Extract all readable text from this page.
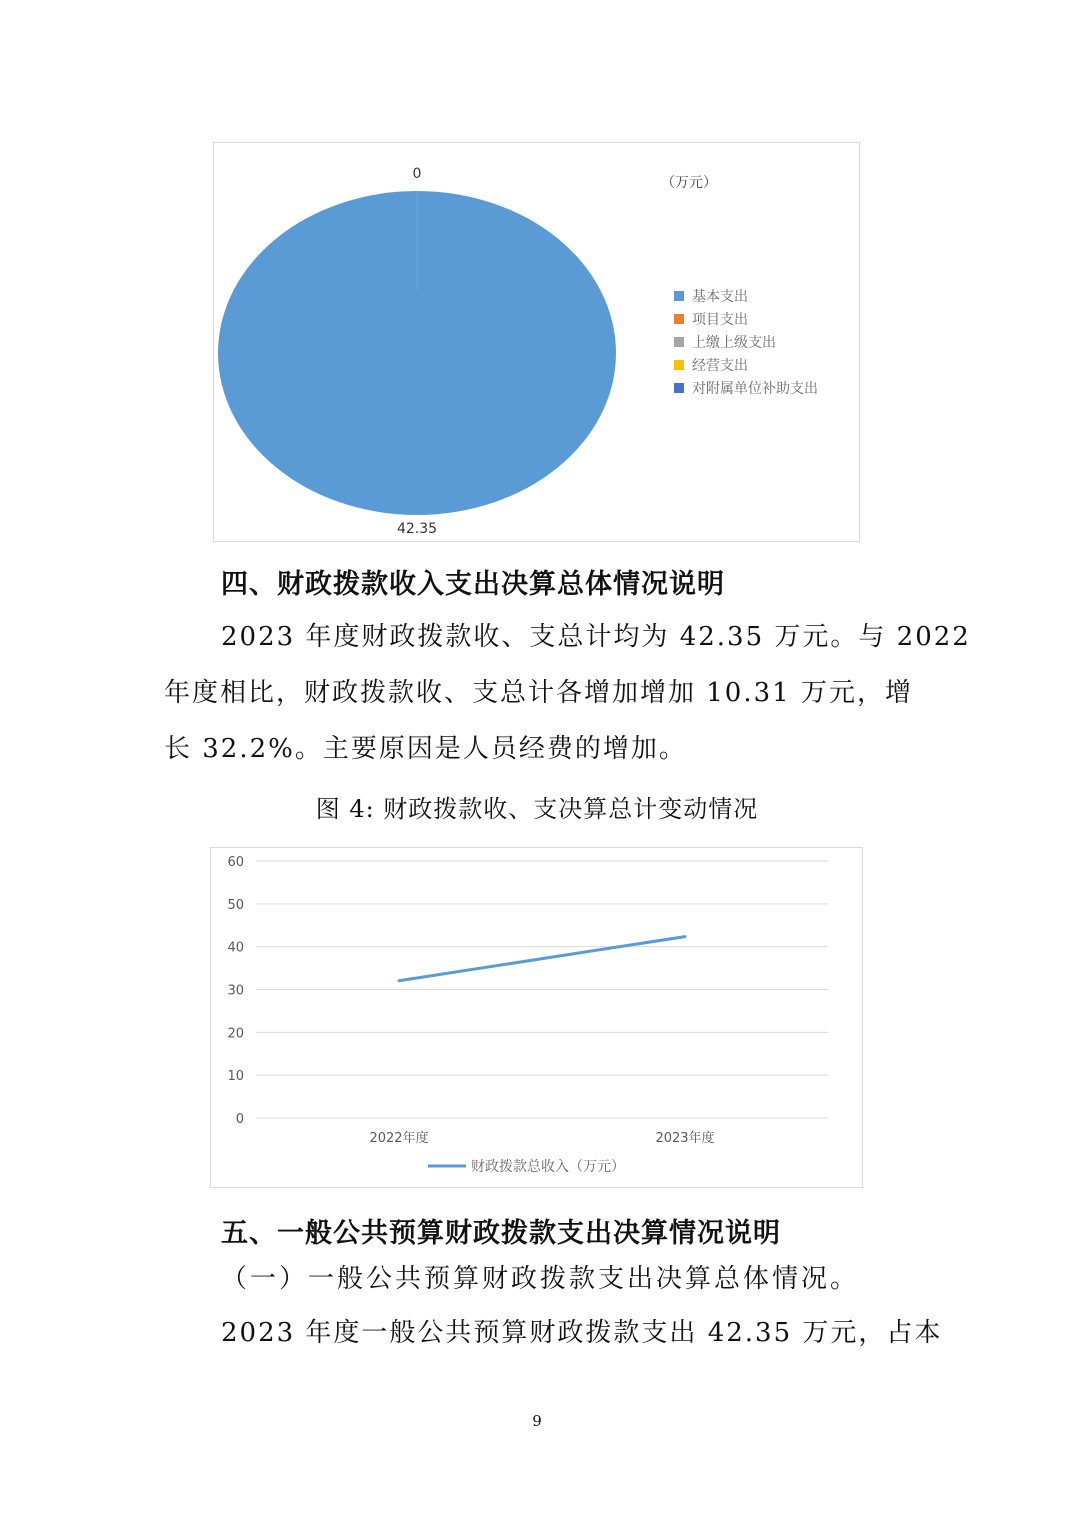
0
42.35
（万元）
基本支出
项目支出
上缴上级支出
经营支出
对附属单位补助支出
四、财政拨款收入支出决算总体情况说明

2023 年度财政拨款收、支总计均为 42.35 万元。与 2022

年度相比，财政拨款收、支总计各增加增加 10.31 万元，增

长 32.2%。主要原因是人员经费的增加。

图 4: 财政拨款收、支决算总计变动情况

0
10
20
30
40
50
60
2022年度	2023年度
财政拨款总收入（万元）
五、一般公共预算财政拨款支出决算情况说明

（一）一般公共预算财政拨款支出决算总体情况。

2023 年度一般公共预算财政拨款支出 42.35 万元，占本

9
